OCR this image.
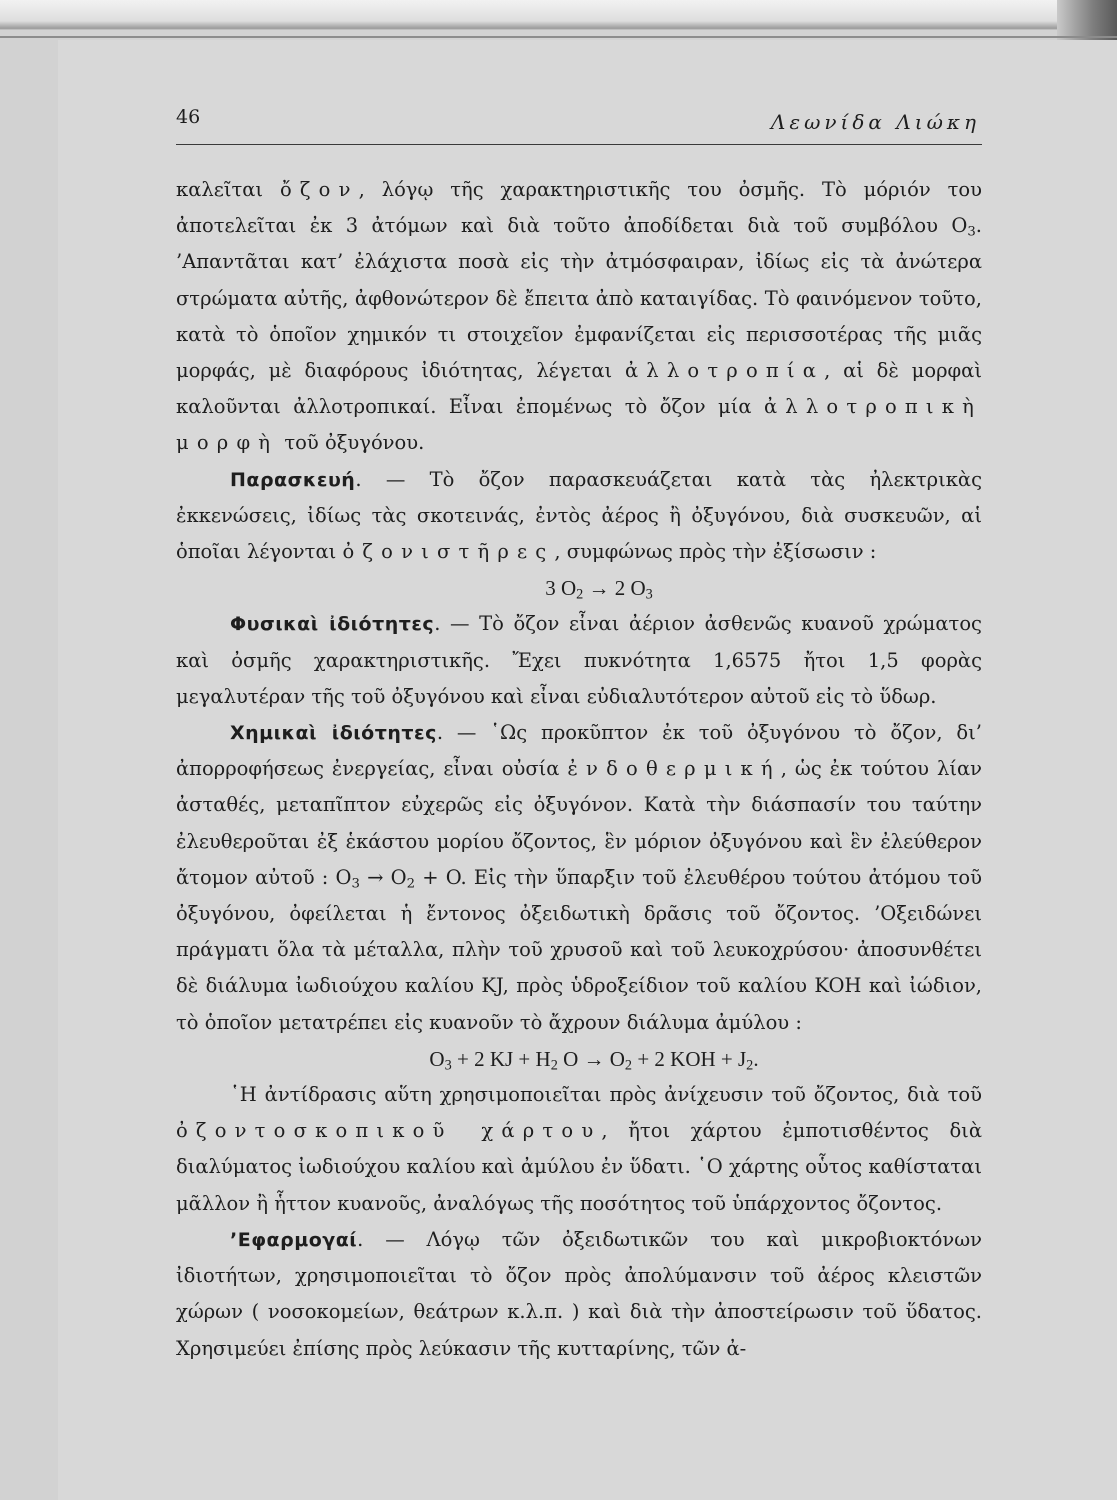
46	Λεωνίδα Λιώκη

καλεῖται ὄζον, λόγῳ τῆς χαρακτηριστικῆς του ὀσμῆς. Τὸ μόριόν του ἀποτελεῖται ἐκ 3 ἀτόμων καὶ διὰ τοῦτο ἀποδίδεται διὰ τοῦ συμβόλου $O_3$. ’Απαντᾶται κατ’ ἐλάχιστα ποσὰ εἰς τὴν ἀτμόσφαιραν, ἰδίως εἰς τὰ ἀνώτερα στρώματα αὐτῆς, ἀφθονώτερον δὲ ἔπειτα ἀπὸ καταιγίδας. Τὸ φαινόμενον τοῦτο, κατὰ τὸ ὁποῖον χημικόν τι στοιχεῖον ἐμφανίζεται εἰς περισσοτέρας τῆς μιᾶς μορφάς, μὲ διαφόρους ἰδιότητας, λέγεται ἀλλοτροπία, αἱ δὲ μορφαὶ καλοῦνται ἀλλοτροπικαί. Εἶναι ἐπομένως τὸ ὄζον μία ἀλλοτροπικὴ μορφὴ τοῦ ὀξυγόνου.

Παρασκευή. — Τὸ ὄζον παρασκευάζεται κατὰ τὰς ἠλεκτρικὰς ἐκκενώσεις, ἰδίως τὰς σκοτεινάς, ἐντὸς ἀέρος ἢ ὀξυγόνου, διὰ συσκευῶν, αἱ ὁποῖαι λέγονται ὀζονιστῆρες, συμφώνως πρὸς τὴν ἐξίσωσιν :

3 $O_2 \to 2$ $O_3$

Φυσικαὶ ἰδιότητες. — Τὸ ὄζον εἶναι ἀέριον ἀσθενῶς κυανοῦ χρώματος καὶ ὀσμῆς χαρακτηριστικῆς. Ἔχει πυκνότητα 1,6575 ἤτοι 1,5 φορὰς μεγαλυτέραν τῆς τοῦ ὀξυγόνου καὶ εἶναι εὐδιαλυτότερον αὐτοῦ εἰς τὸ ὕδωρ.

Χημικαὶ ἰδιότητες. — ῾Ως προκῦπτον ἐκ τοῦ ὀξυγόνου τὸ ὄζον, δι’ ἀπορροφήσεως ἐνεργείας, εἶναι οὐσία ἐνδοθερμική, ὡς ἐκ τούτου λίαν ἀσταθές, μεταπῖπτον εὐχερῶς εἰς ὀξυγόνον. Κατὰ τὴν διάσπασίν του ταύτην ἐλευθεροῦται ἐξ ἑκάστου μορίου ὄζοντος, ἓν μόριον ὀξυγόνου καὶ ἓν ἐλεύθερον ἄτομον αὐτοῦ : $O_3 \to O_2 + O$. Εἰς τὴν ὕπαρξιν τοῦ ἐλευθέρου τούτου ἀτόμου τοῦ ὀξυγόνου, ὀφείλεται ἡ ἔντονος ὀξειδωτικὴ δρᾶσις τοῦ ὄζοντος. ’Οξειδώνει πράγματι ὅλα τὰ μέταλλα, πλὴν τοῦ χρυσοῦ καὶ τοῦ λευκοχρύσου· ἀποσυνθέτει δὲ διάλυμα ἰωδιούχου καλίου KJ, πρὸς ὑδροξείδιον τοῦ καλίου KOH καὶ ἰώδιον, τὸ ὁποῖον μετατρέπει εἰς κυανοῦν τὸ ἄχρουν διάλυμα ἀμύλου :

$O_3 + 2$ KJ + $H_2$ $O \to O_2 + 2$ KOH + $J_2$.

῾Η ἀντίδρασις αὕτη χρησιμοποιεῖται πρὸς ἀνίχευσιν τοῦ ὄζοντος, διὰ τοῦ ὀζοντοσκοπικοῦ χάρτου, ἤτοι χάρτου ἐμποτισθέντος διὰ διαλύματος ἰωδιούχου καλίου καὶ ἀμύλου ἐν ὕδατι. ῾Ο χάρτης οὗτος καθίσταται μᾶλλον ἢ ἧττον κυανοῦς, ἀναλόγως τῆς ποσότητος τοῦ ὑπάρχοντος ὄζοντος.

’Εφαρμογαί. — Λόγῳ τῶν ὀξειδωτικῶν του καὶ μικροβιοκτόνων ἰδιοτήτων, χρησιμοποιεῖται τὸ ὄζον πρὸς ἀπολύμανσιν τοῦ ἀέρος κλειστῶν χώρων ( νοσοκομείων, θεάτρων κ.λ.π. ) καὶ διὰ τὴν ἀποστείρωσιν τοῦ ὕδατος. Χρησιμεύει ἐπίσης πρὸς λεύκασιν τῆς κυτταρίνης, τῶν ἀ-
